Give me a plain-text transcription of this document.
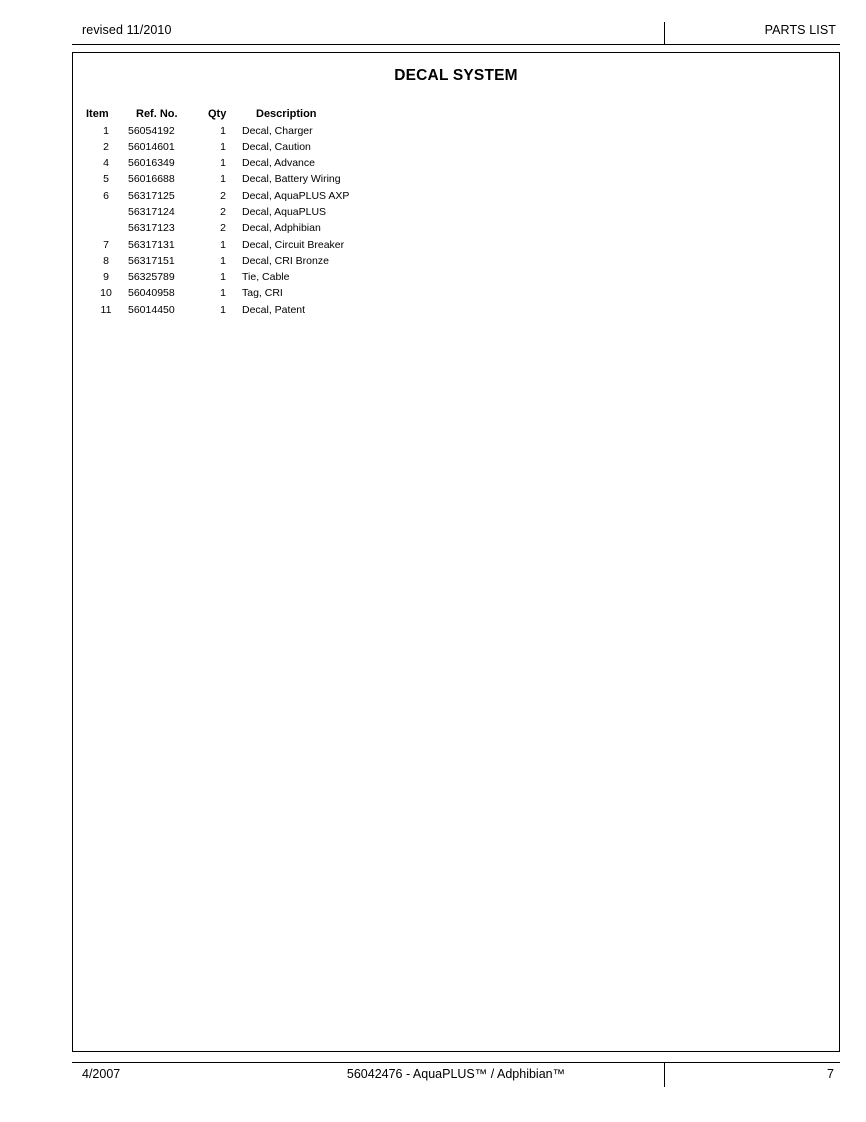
revised 11/2010	PARTS LIST
DECAL SYSTEM
Item	Ref. No.	Qty	Description
1	56054192	1	Decal, Charger
2	56014601	1	Decal, Caution
4	56016349	1	Decal, Advance
5	56016688	1	Decal, Battery Wiring
6	56317125	2	Decal, AquaPLUS AXP
	56317124	2	Decal, AquaPLUS
	56317123	2	Decal, Adphibian
7	56317131	1	Decal, Circuit Breaker
8	56317151	1	Decal, CRI Bronze
9	56325789	1	Tie, Cable
10	56040958	1	Tag, CRI
11	56014450	1	Decal, Patent
4/2007	56042476 - AquaPLUS™ / Adphibian™	7
